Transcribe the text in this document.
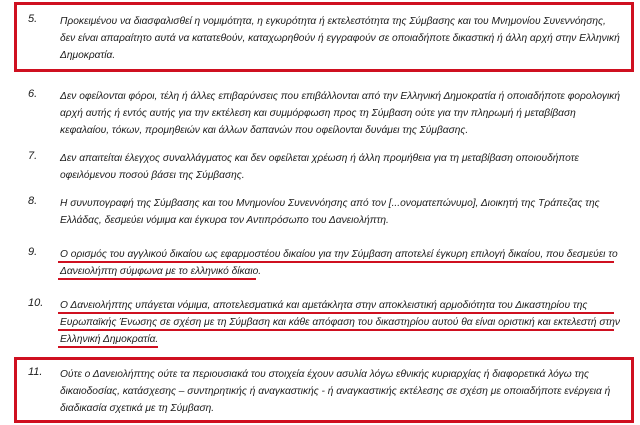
5. Προκειμένου να διασφαλισθεί η νομιμότητα, η εγκυρότητα ή εκτελεστότητα της Σύμβασης και του Μνημονίου Συνεννόησης,
δεν είναι απαραίτητο αυτά να κατατεθούν, καταχωρηθούν ή εγγραφούν σε οποιαδήποτε δικαστική ή άλλη αρχή στην Ελληνική
Δημοκρατία.
6. Δεν οφείλονται φόροι, τέλη ή άλλες επιβαρύνσεις που επιβάλλονται από την Ελληνική Δημοκρατία ή οποιαδήποτε φορολογική
αρχή αυτής ή εντός αυτής για την εκτέλεση και συμμόρφωση προς τη Σύμβαση ούτε για την πληρωμή ή μεταβίβαση
κεφαλαίου, τόκων, προμηθειών και άλλων δαπανών που οφείλονται δυνάμει της Σύμβασης.
7. Δεν απαιτείται έλεγχος συναλλάγματος και δεν οφείλεται χρέωση ή άλλη προμήθεια για τη μεταβίβαση οποιουδήποτε
οφειλόμενου ποσού βάσει της Σύμβασης.
8. Η συνυπογραφή της Σύμβασης και του Μνημονίου Συνεννόησης από τον [...ονοματεπώνυμο], Διοικητή της Τράπεζας της
Ελλάδας, δεσμεύει νόμιμα και έγκυρα τον Αντιπρόσωπο του Δανειολήπτη.
9. Ο ορισμός του αγγλικού δικαίου ως εφαρμοστέου δικαίου για την Σύμβαση αποτελεί έγκυρη επιλογή δικαίου, που δεσμεύει το
Δανειολήπτη σύμφωνα με το ελληνικό δίκαιο.
10. Ο Δανειολήπτης υπάγεται νόμιμα, αποτελεσματικά και αμετάκλητα στην αποκλειστική αρμοδιότητα του Δικαστηρίου της
Ευρωπαϊκής Ένωσης σε σχέση με τη Σύμβαση και κάθε απόφαση του δικαστηρίου αυτού θα είναι οριστική και εκτελεστή στην
Ελληνική Δημοκρατία.
11. Ούτε ο Δανειολήπτης ούτε τα περιουσιακά του στοιχεία έχουν ασυλία λόγω εθνικής κυριαρχίας ή διαφορετικά λόγω της
δικαιοδοσίας, κατάσχεσης – συντηρητικής ή αναγκαστικής - ή αναγκαστικής εκτέλεσης σε σχέση με οποιαδήποτε ενέργεια ή
διαδικασία σχετικά με τη Σύμβαση.
